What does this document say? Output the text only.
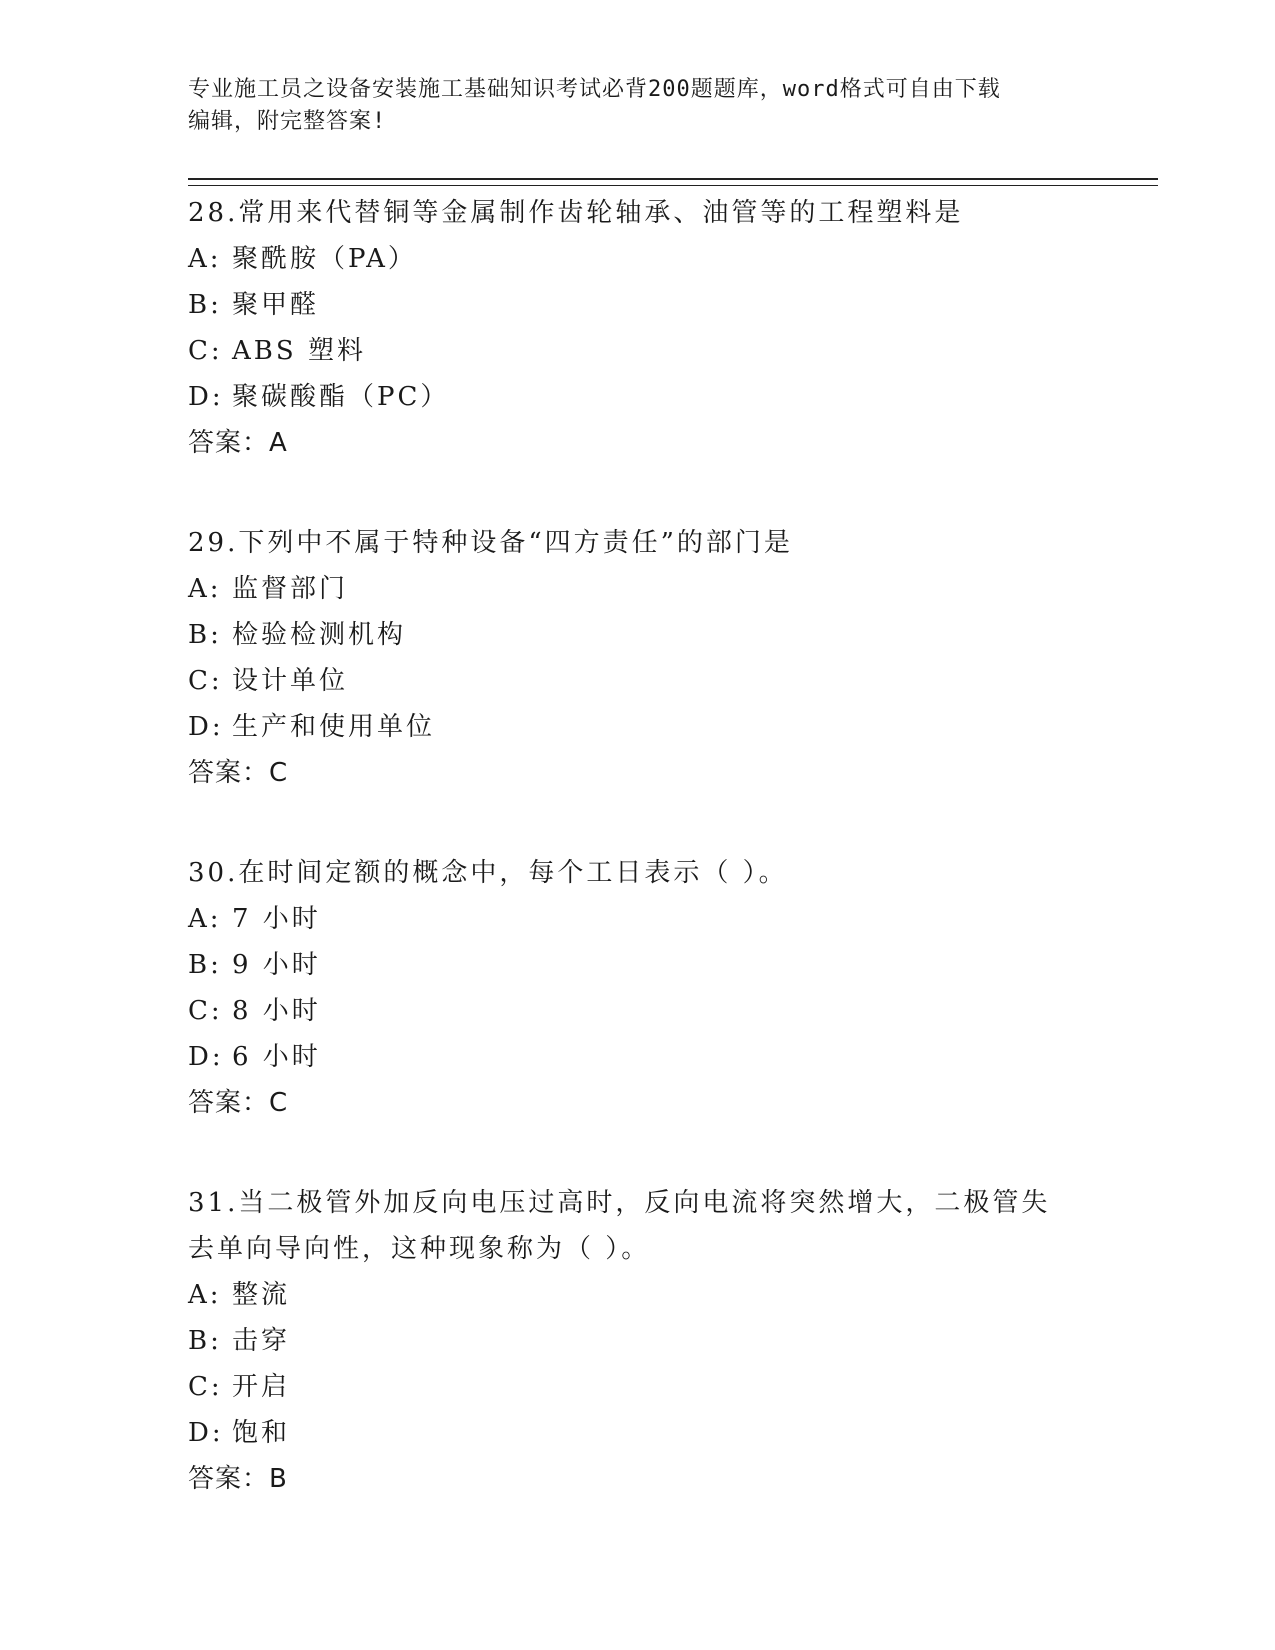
专业施工员之设备安装施工基础知识考试必背200题题库，word格式可自由下载
编辑，附完整答案!

28.常用来代替铜等金属制作齿轮轴承、油管等的工程塑料是

A: 聚酰胺（PA）
B: 聚甲醛
C: ABS 塑料
D: 聚碳酸酯（PC）
答案：A

29.下列中不属于特种设备“四方责任”的部门是

A: 监督部门
B: 检验检测机构
C: 设计单位
D: 生产和使用单位
答案：C

30.在时间定额的概念中，每个工日表示（ ）。

A: 7 小时
B: 9 小时
C: 8 小时
D: 6 小时
答案：C

31.当二极管外加反向电压过高时，反向电流将突然增大，二极管失去单向导向性，这种现象称为（ ）。

A: 整流
B: 击穿
C: 开启
D: 饱和
答案：B
